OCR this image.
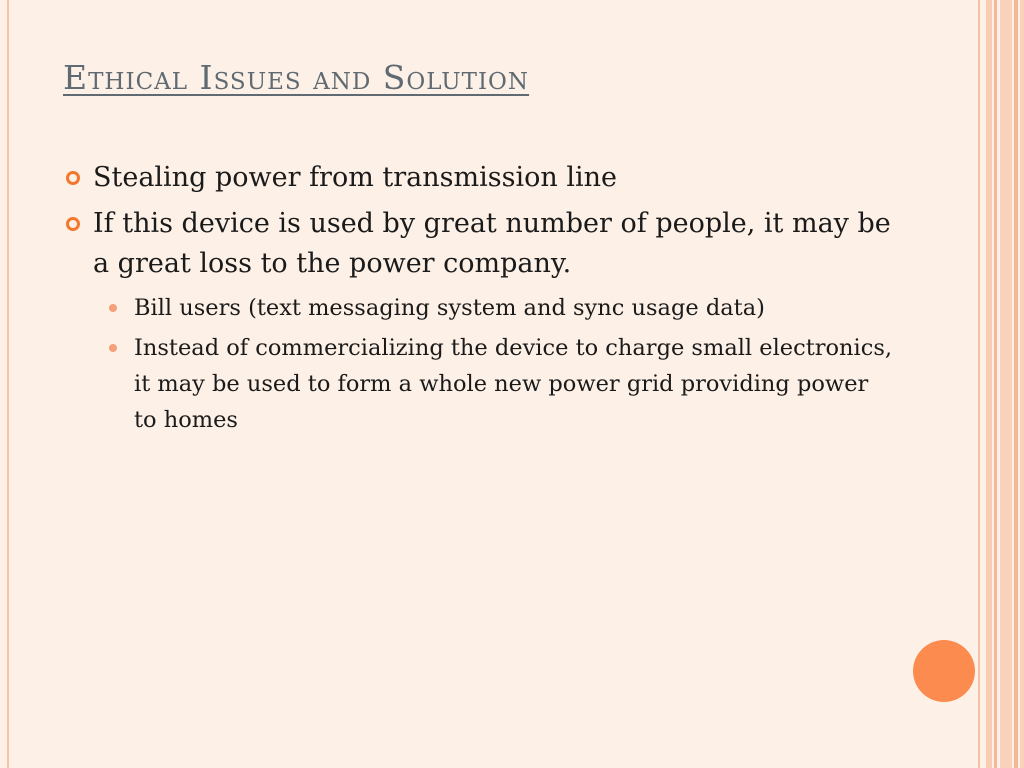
Ethical Issues and Solution
Stealing power from transmission line
If this device is used by great number of people, it may be a great loss to the power company.
Bill users (text messaging system and sync usage data)
Instead of commercializing the device to charge small electronics, it may be used to form a whole new power grid providing power to homes
